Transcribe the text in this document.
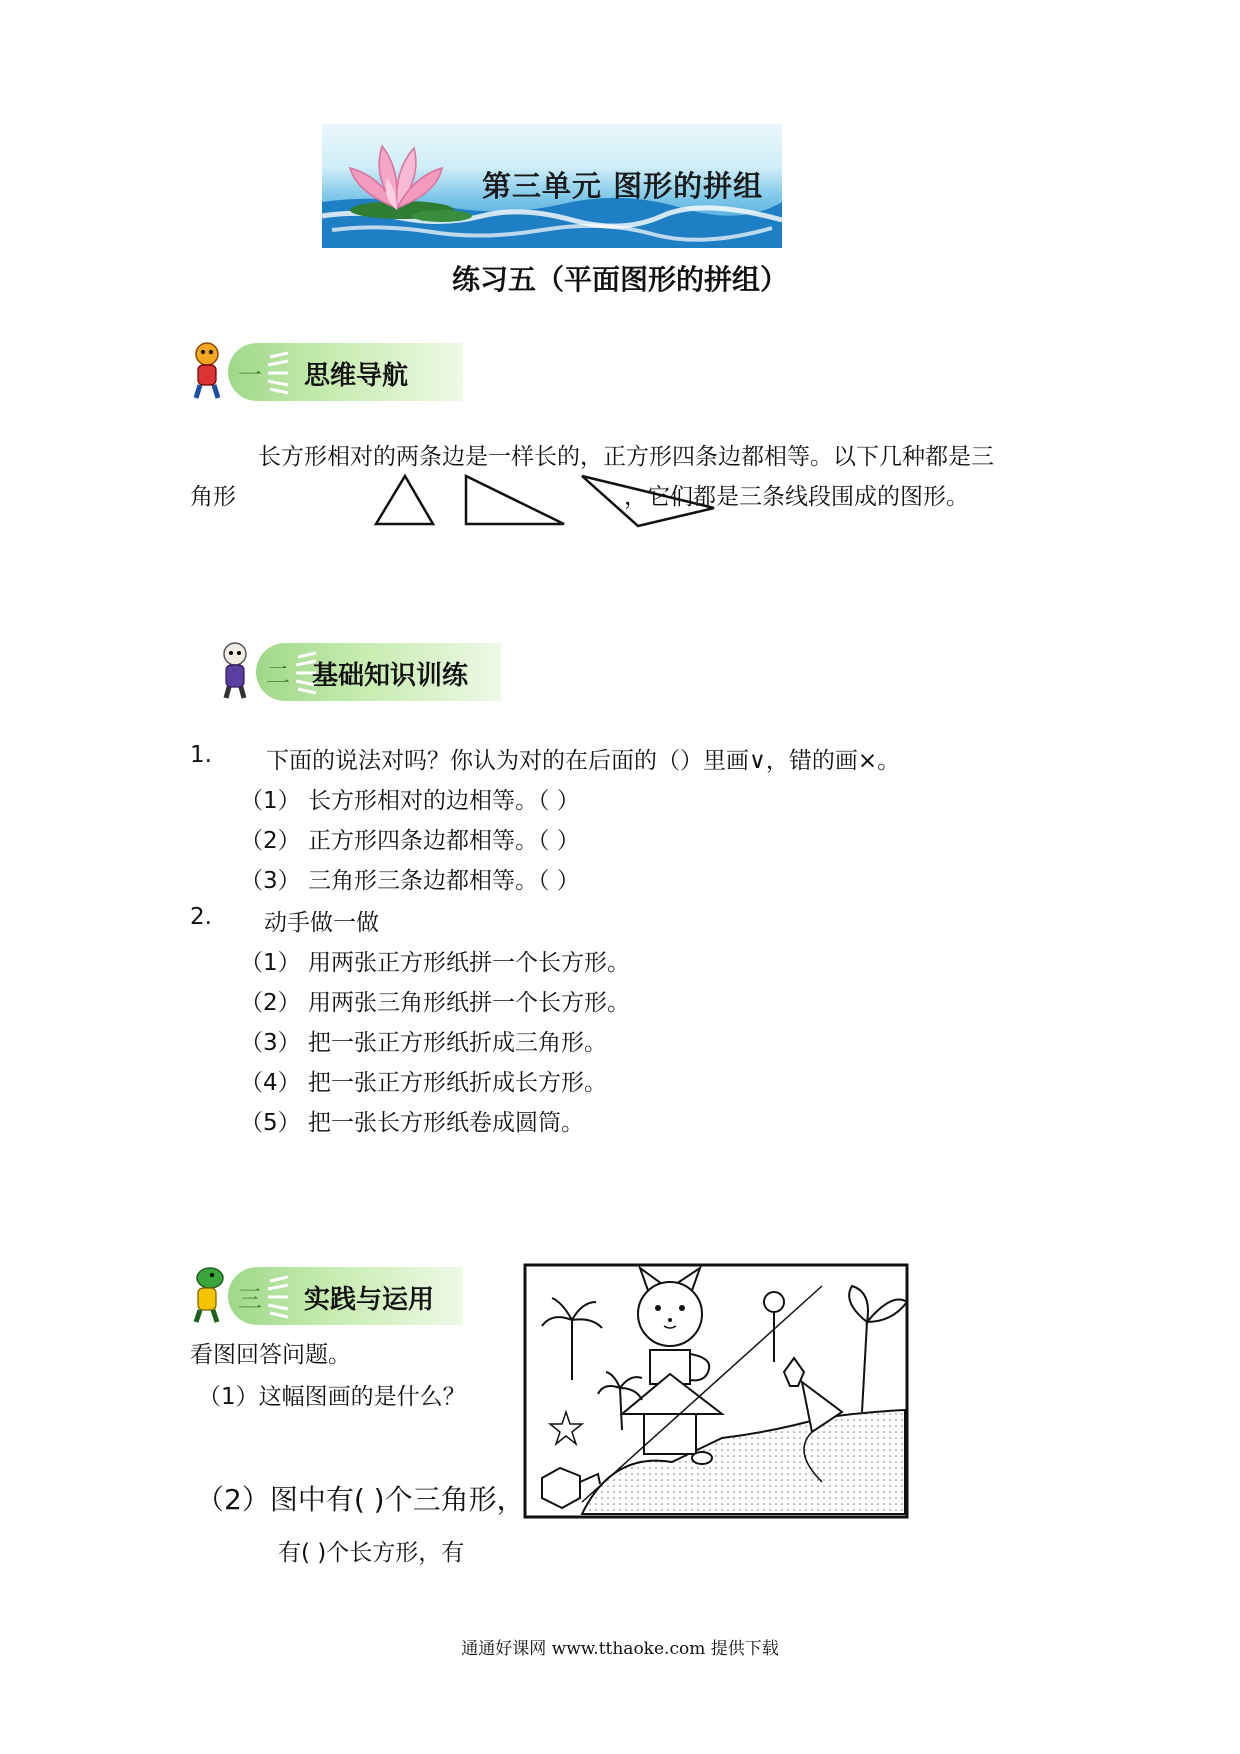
第三单元 图形的拼组
练习五（平面图形的拼组）
一 思维导航
长方形相对的两条边是一样长的，正方形四条边都相等。以下几种都是三
角形	，它们都是三条线段围成的图形。
二 基础知识训练
1. 下面的说法对吗？你认为对的在后面的（）里画∨，错的画×。
（1） 长方形相对的边相等。（ ）
（2） 正方形四条边都相等。（ ）
（3） 三角形三条边都相等。（ ）
2. 动手做一做
（1） 用两张正方形纸拼一个长方形。
（2） 用两张三角形纸拼一个长方形。
（3） 把一张正方形纸折成三角形。
（4） 把一张正方形纸折成长方形。
（5） 把一张长方形纸卷成圆筒。
三 实践与运用
看图回答问题。
（1）这幅图画的是什么？
（2）图中有( )个三角形，
有( )个长方形，有
通通好课网 www.tthaoke.com 提供下载
